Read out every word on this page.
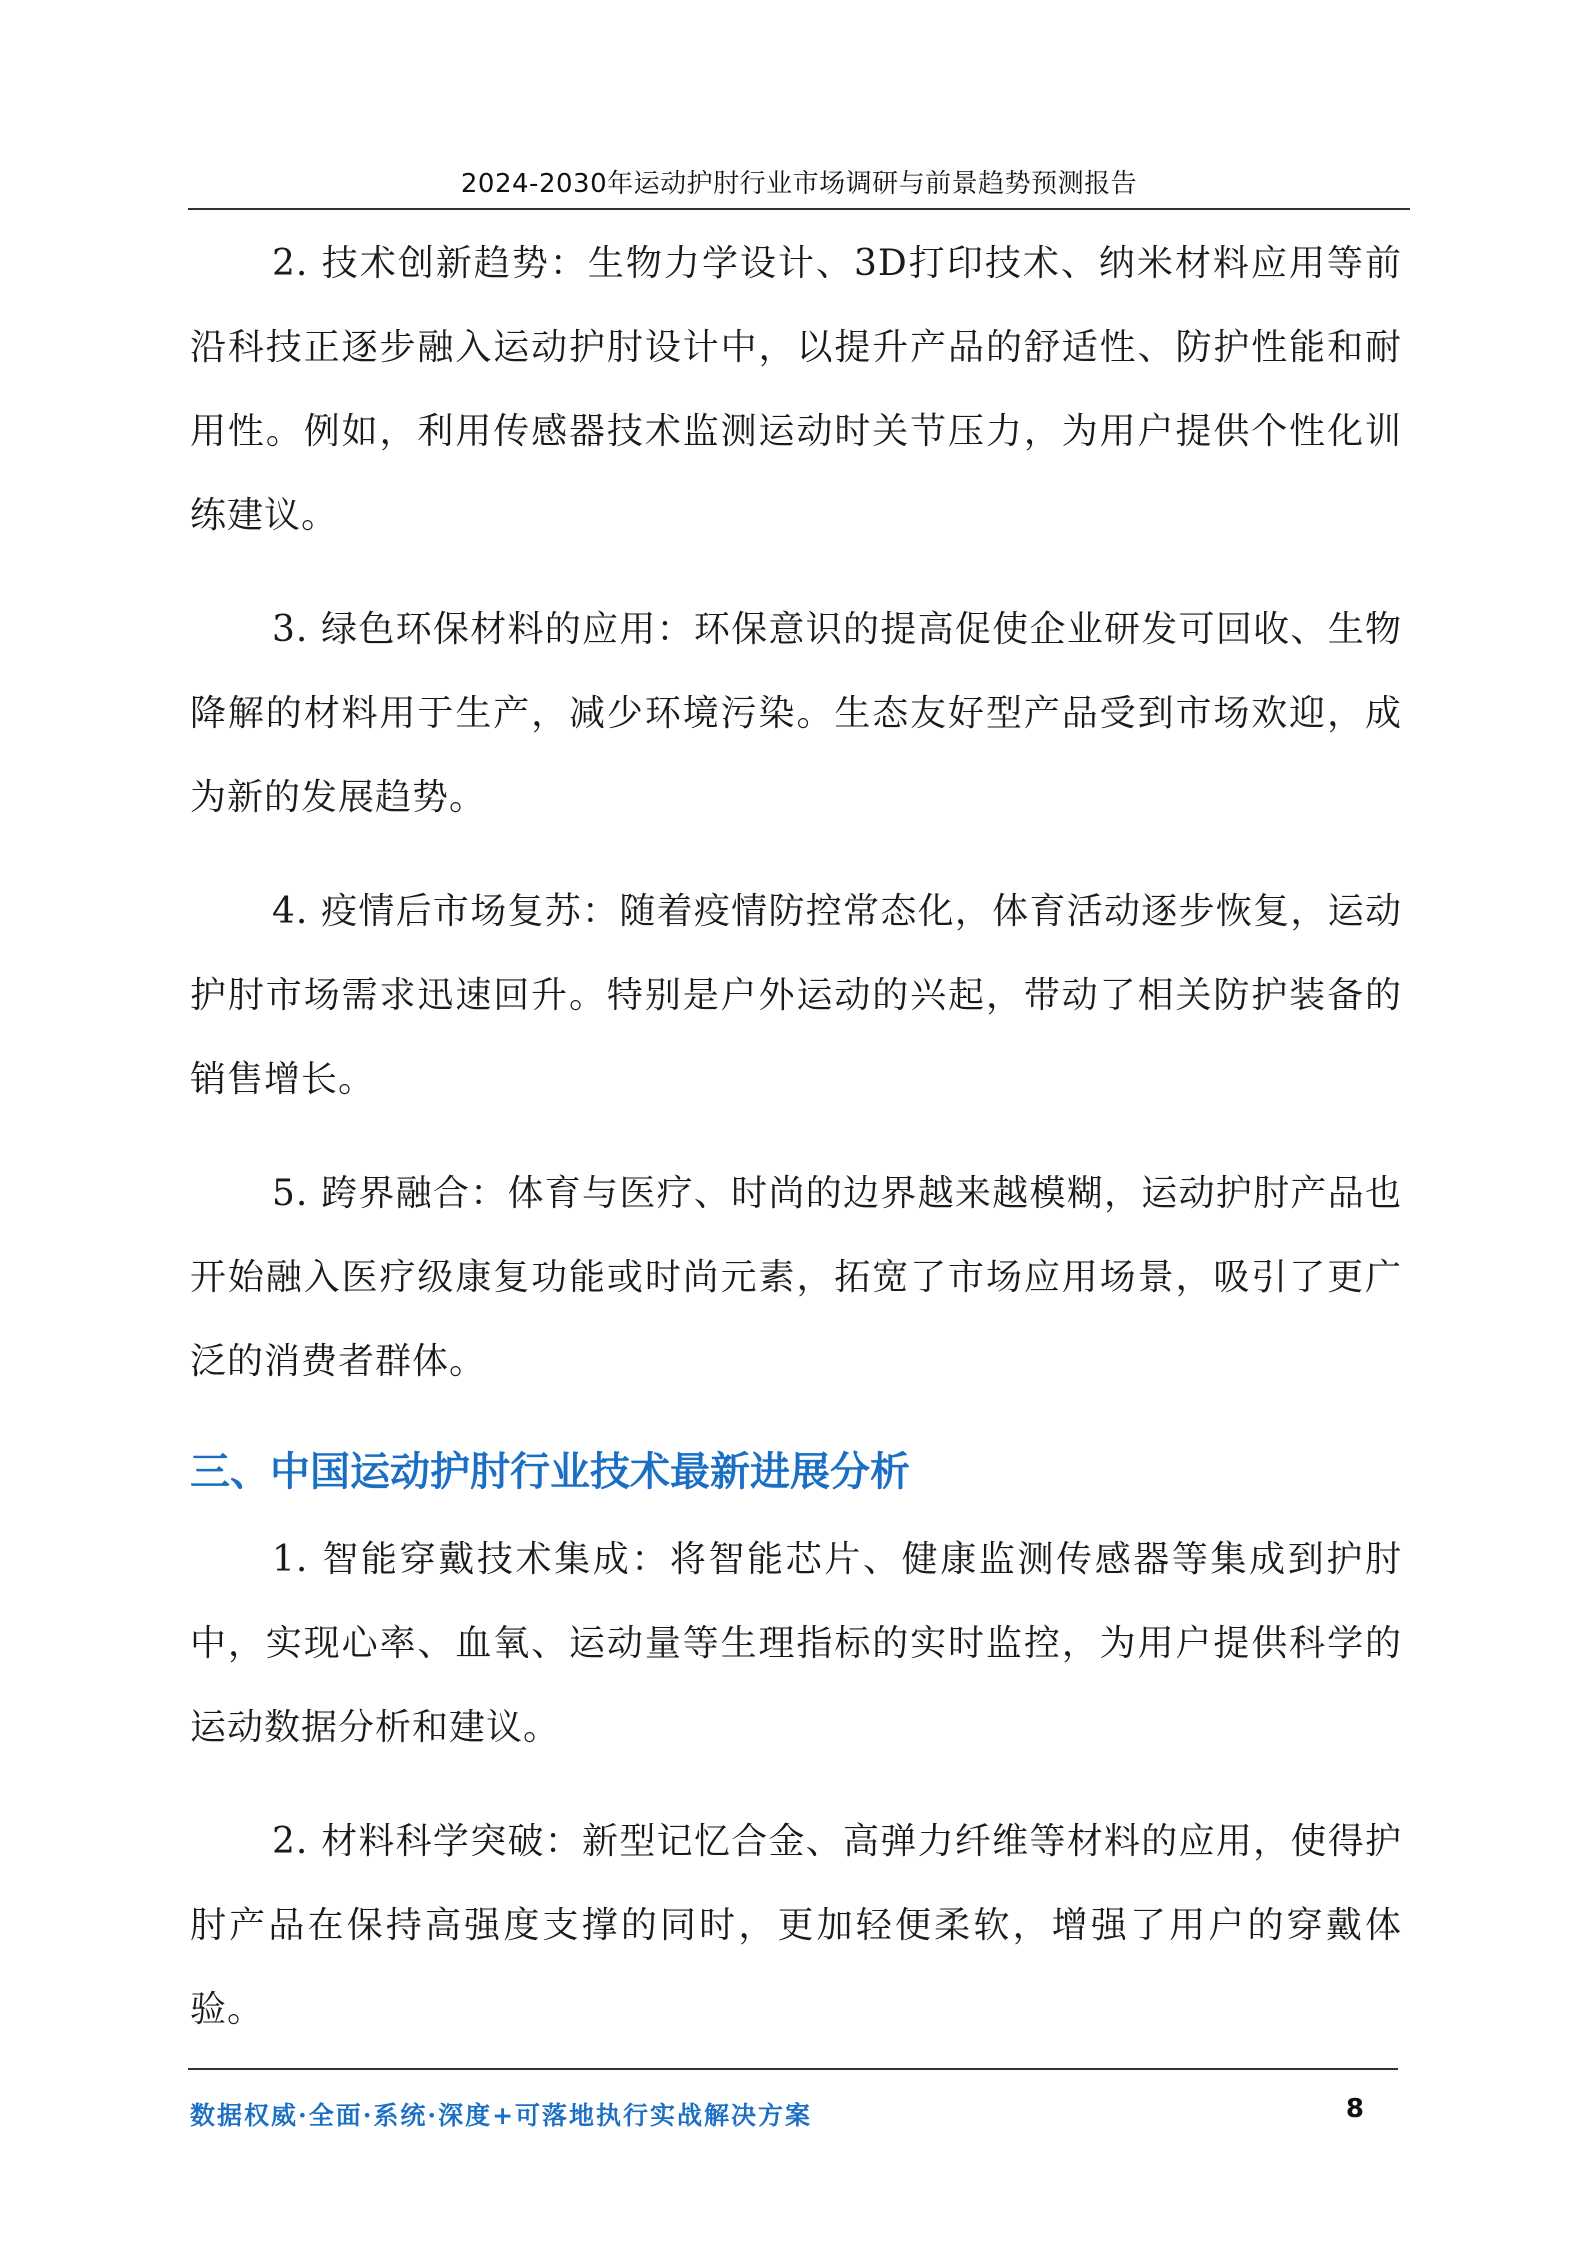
2024-2030年运动护肘行业市场调研与前景趋势预测报告

2. 技术创新趋势：生物力学设计、3D打印技术、纳米材料应用等前沿科技正逐步融入运动护肘设计中，以提升产品的舒适性、防护性能和耐用性。例如，利用传感器技术监测运动时关节压力，为用户提供个性化训练建议。

3. 绿色环保材料的应用：环保意识的提高促使企业研发可回收、生物降解的材料用于生产，减少环境污染。生态友好型产品受到市场欢迎，成为新的发展趋势。

4. 疫情后市场复苏：随着疫情防控常态化，体育活动逐步恢复，运动护肘市场需求迅速回升。特别是户外运动的兴起，带动了相关防护装备的销售增长。

5. 跨界融合：体育与医疗、时尚的边界越来越模糊，运动护肘产品也开始融入医疗级康复功能或时尚元素，拓宽了市场应用场景，吸引了更广泛的消费者群体。

三、中国运动护肘行业技术最新进展分析

1. 智能穿戴技术集成：将智能芯片、健康监测传感器等集成到护肘中，实现心率、血氧、运动量等生理指标的实时监控，为用户提供科学的运动数据分析和建议。

2. 材料科学突破：新型记忆合金、高弹力纤维等材料的应用，使得护肘产品在保持高强度支撑的同时，更加轻便柔软，增强了用户的穿戴体验。

数据权威·全面·系统·深度+可落地执行实战解决方案	8
